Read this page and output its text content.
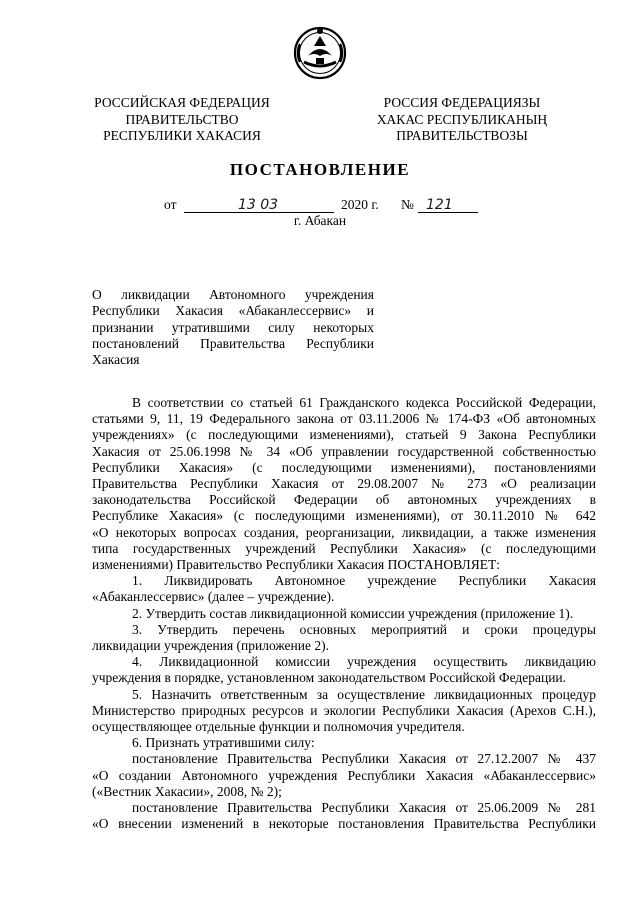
РОССИЙСКАЯ ФЕДЕРАЦИЯ
ПРАВИТЕЛЬСТВО
РЕСПУБЛИКИ ХАКАСИЯ
РОССИЯ ФЕДЕРАЦИЯЗЫ
ХАКАС РЕСПУБЛИКАНЫҢ
ПРАВИТЕЛЬСТВОЗЫ
ПОСТАНОВЛЕНИЕ
от	13 03	2020 г. № 121
г. Абакан
О ликвидации Автономного учреждения
Республики Хакасия «Абаканлессервис» и
признании утратившими силу некоторых
постановлений Правительства Республики
Хакасия
В соответствии со статьей 61 Гражданского кодекса Российской Федерации,
статьями 9, 11, 19 Федерального закона от 03.11.2006 № 174-ФЗ «Об автономных
учреждениях» (с последующими изменениями), статьей 9 Закона Республики
Хакасия от 25.06.1998 № 34 «Об управлении государственной собственностью
Республики Хакасия» (с последующими изменениями), постановлениями
Правительства Республики Хакасия от 29.08.2007 № 273 «О реализации
законодательства Российской Федерации об автономных учреждениях в
Республике Хакасия» (с последующими изменениями), от 30.11.2010 № 642
«О некоторых вопросах создания, реорганизации, ликвидации, а также изменения
типа государственных учреждений Республики Хакасия» (с последующими
изменениями) Правительство Республики Хакасия ПОСТАНОВЛЯЕТ:
1. Ликвидировать Автономное учреждение Республики Хакасия
«Абаканлессервис» (далее – учреждение).
2. Утвердить состав ликвидационной комиссии учреждения (приложение 1).
3. Утвердить перечень основных мероприятий и сроки процедуры
ликвидации учреждения (приложение 2).
4. Ликвидационной комиссии учреждения осуществить ликвидацию
учреждения в порядке, установленном законодательством Российской Федерации.
5. Назначить ответственным за осуществление ликвидационных процедур
Министерство природных ресурсов и экологии Республики Хакасия (Арехов С.Н.),
осуществляющее отдельные функции и полномочия учредителя.
6. Признать утратившими силу:
постановление Правительства Республики Хакасия от 27.12.2007 № 437
«О создании Автономного учреждения Республики Хакасия «Абаканлессервис»
(«Вестник Хакасии», 2008, № 2);
постановление Правительства Республики Хакасия от 25.06.2009 № 281
«О внесении изменений в некоторые постановления Правительства Республики
